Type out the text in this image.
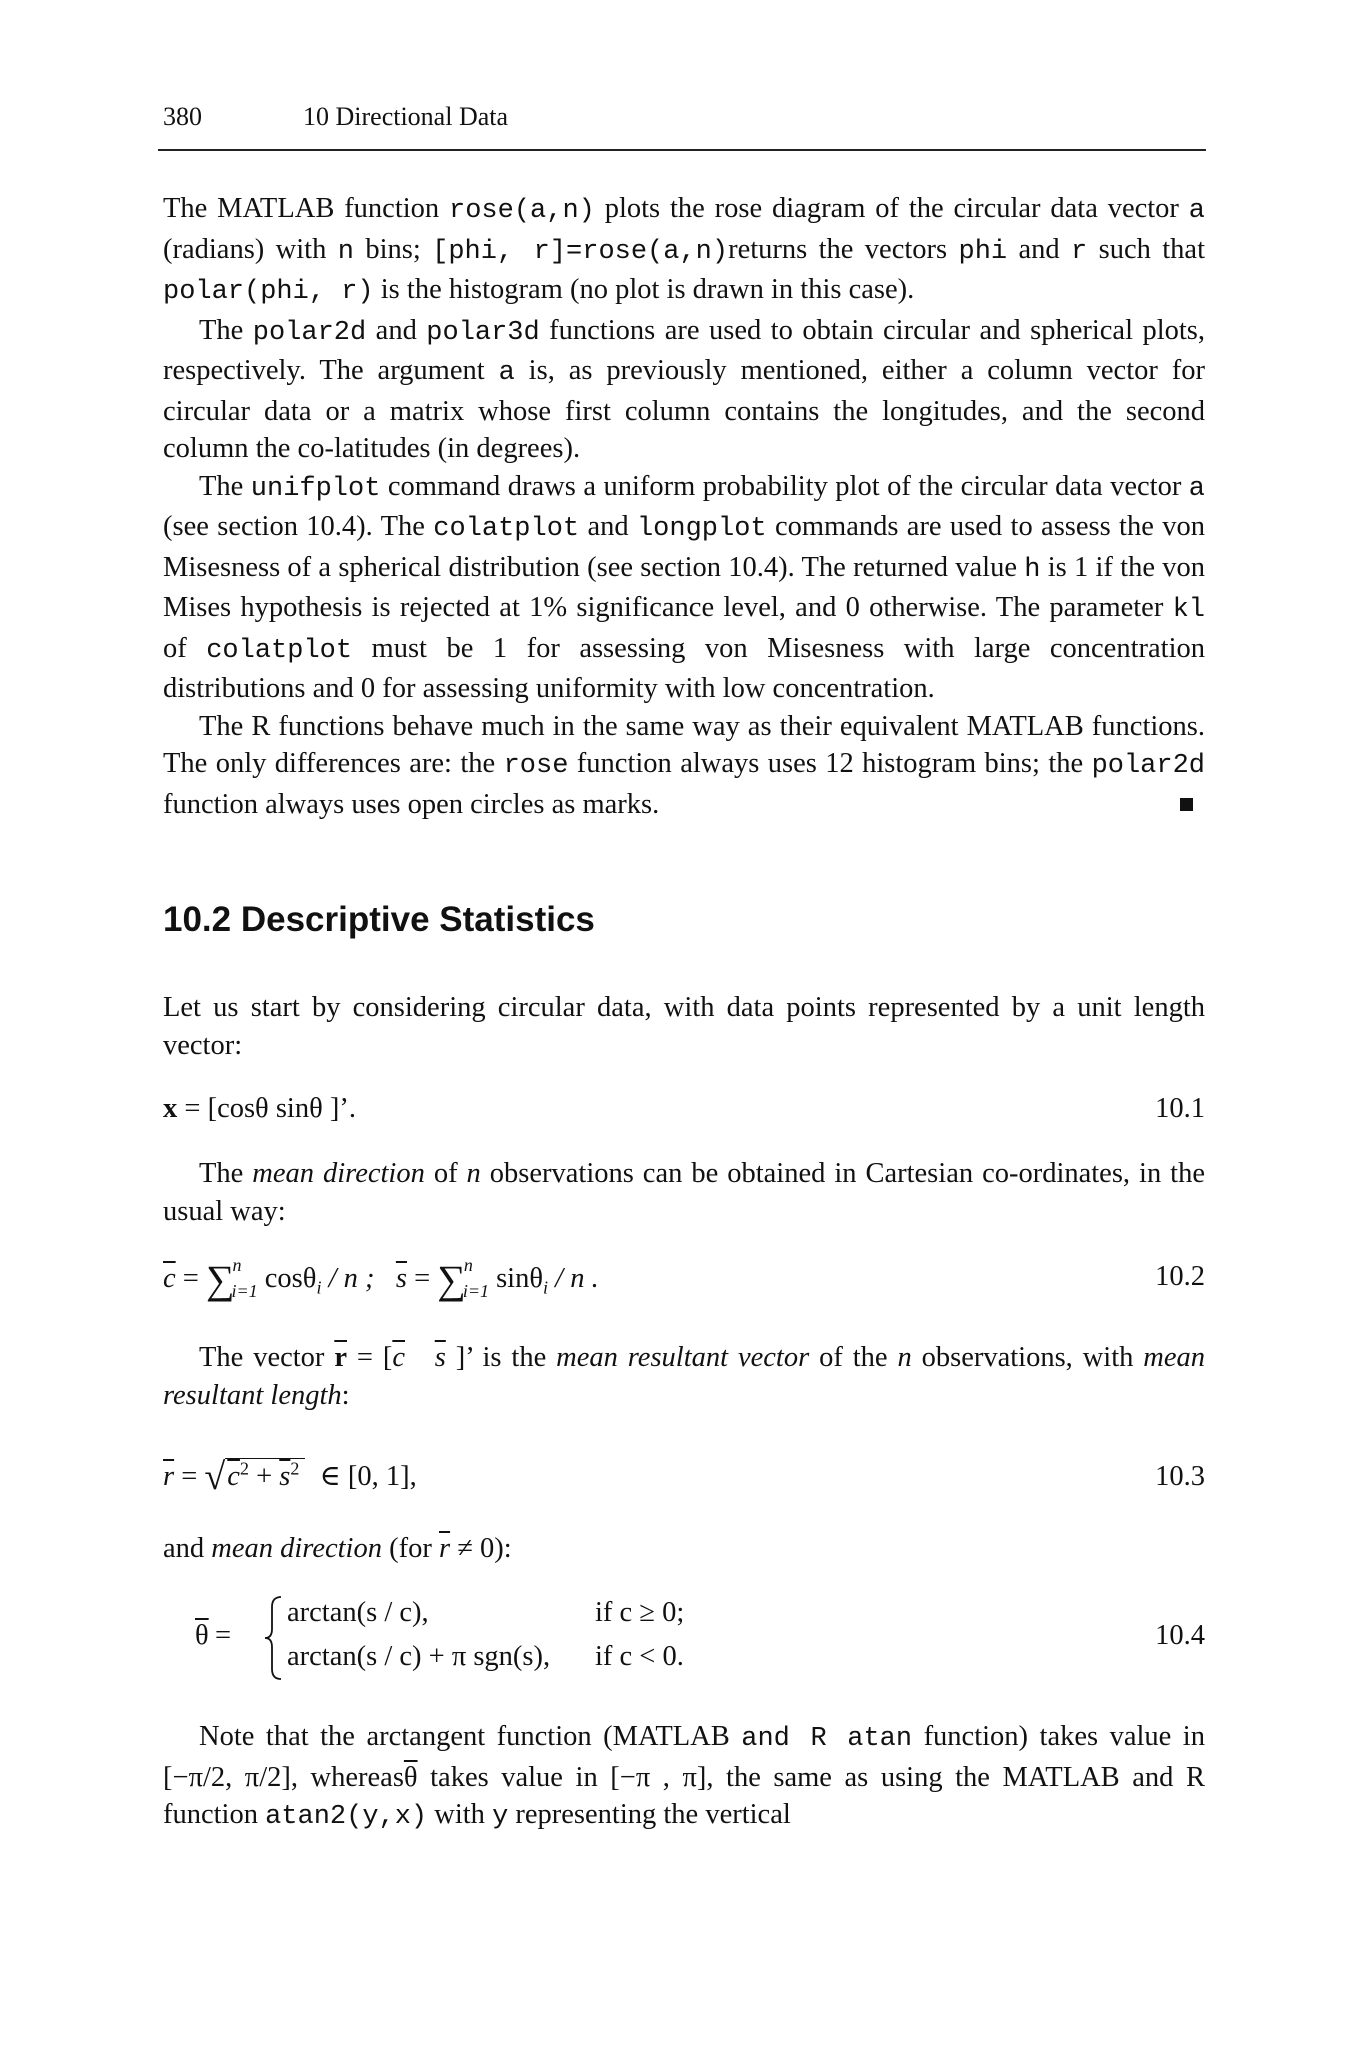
380	10 Directional Data

The MATLAB function rose(a,n) plots the rose diagram of the circular data vector a (radians) with n bins; [phi, r]=rose(a,n)returns the vectors phi and r such that polar(phi, r) is the histogram (no plot is drawn in this case).

The polar2d and polar3d functions are used to obtain circular and spherical plots, respectively. The argument a is, as previously mentioned, either a column vector for circular data or a matrix whose first column contains the longitudes, and the second column the co-latitudes (in degrees).

The unifplot command draws a uniform probability plot of the circular data vector a (see section 10.4). The colatplot and longplot commands are used to assess the von Misesness of a spherical distribution (see section 10.4). The returned value h is 1 if the von Mises hypothesis is rejected at 1% significance level, and 0 otherwise. The parameter kl of colatplot must be 1 for assessing von Misesness with large concentration distributions and 0 for assessing uniformity with low concentration.

The R functions behave much in the same way as their equivalent MATLAB functions. The only differences are: the rose function always uses 12 histogram bins; the polar2d function always uses open circles as marks.

10.2 Descriptive Statistics

Let us start by considering circular data, with data points represented by a unit length vector:

x = [cosθ sinθ ]’.	10.1

The mean direction of n observations can be obtained in Cartesian co-ordinates, in the usual way:

$\overline{c} = \sum^n_{i=1}$ cosθ$_i$ / n ;   $\overline{s} = \sum^n_{i=1}$ sinθ$_i$ / n .	10.2

The vector $\overline{r} = [\overline{c}$ $\overline{s}$ ]’ is the mean resultant vector of the n observations, with mean resultant length:

$\overline{r} = √c^2 + \overline{s}^2$ ∈ [0, 1],	10.3

and mean direction (for $\overline{r} \ne 0$):

$\overline{\theta}$ =
arctan(s / c),	if c ≥ 0;
arctan(s / c) + π sgn(s), if c < 0.
10.4

Note that the arctangent function (MATLAB and R atan function) takes value in [−π/2, π/2], $whereas\overline{\theta}$ takes value in [−π , π], the same as using the MATLAB and R function atan2(y,x) with y representing the vertical
